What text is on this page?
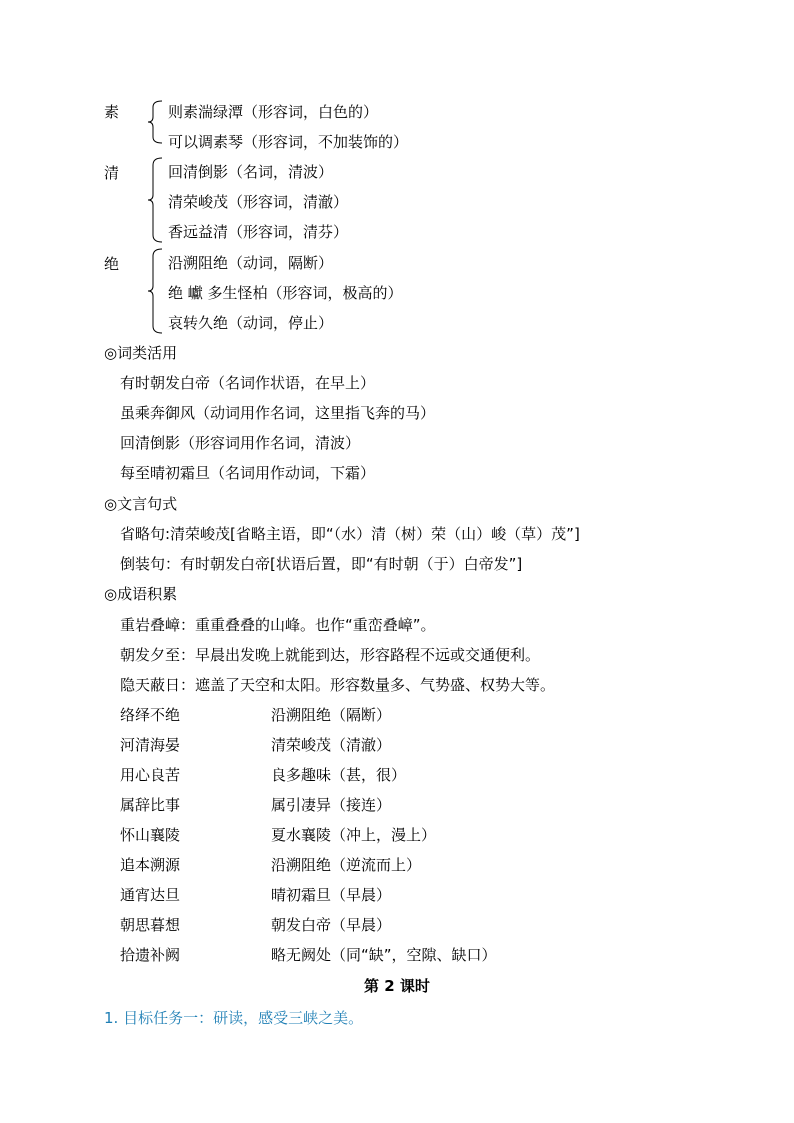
素	则素湍绿潭（形容词，白色的）
可以调素琴（形容词，不加装饰的）
清	回清倒影（名词，清波）
清荣峻茂（形容词，清澈）
香远益清（形容词，清芬）
绝	沿溯阻绝（动词，隔断）
绝 巘 多生怪柏（形容词，极高的）
哀转久绝（动词，停止）
◎词类活用
有时朝发白帝（名词作状语，在早上）
虽乘奔御风（动词用作名词，这里指飞奔的马）
回清倒影（形容词用作名词，清波）
每至晴初霜旦（名词用作动词，下霜）
◎文言句式
省略句:清荣峻茂[省略主语，即“（水）清（树）荣（山）峻（草）茂”]
倒装句：有时朝发白帝[状语后置，即“有时朝（于）白帝发”]
◎成语积累
重岩叠嶂：重重叠叠的山峰。也作“重峦叠嶂”。
朝发夕至：早晨出发晚上就能到达，形容路程不远或交通便利。
隐天蔽日：遮盖了天空和太阳。形容数量多、气势盛、权势大等。
络绎不绝	沿溯阻绝（隔断）
河清海晏	清荣峻茂（清澈）
用心良苦	良多趣味（甚，很）
属辞比事	属引凄异（接连）
怀山襄陵	夏水襄陵（冲上，漫上）
追本溯源	沿溯阻绝（逆流而上）
通宵达旦	晴初霜旦（早晨）
朝思暮想	朝发白帝（早晨）
拾遗补阙	略无阙处（同“缺”，空隙、缺口）
第 2 课时
1. 目标任务一：研读，感受三峡之美。
